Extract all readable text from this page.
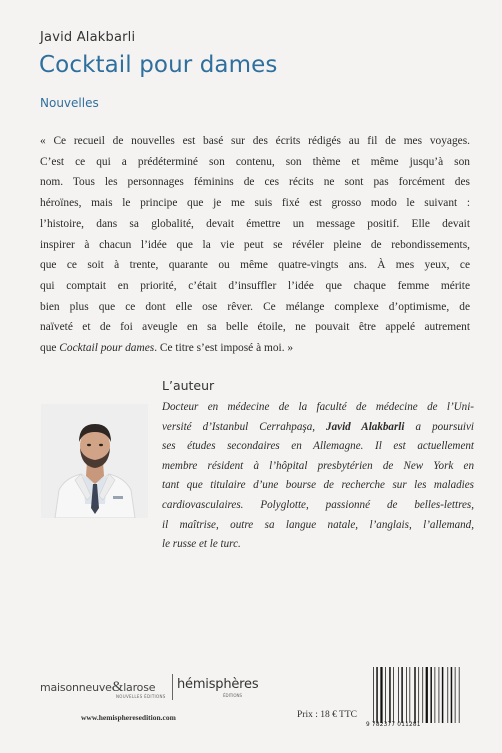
Javid Alakbarli
Cocktail pour dames
Nouvelles
« Ce recueil de nouvelles est basé sur des écrits rédigés au fil de mes voyages.
C’est ce qui a prédéterminé son contenu, son thème et même jusqu’à son
nom. Tous les personnages féminins de ces récits ne sont pas forcément des
héroïnes, mais le principe que je me suis fixé est grosso modo le suivant :
l’histoire, dans sa globalité, devait émettre un message positif. Elle devait
inspirer à chacun l’idée que la vie peut se révéler pleine de rebondissements,
que ce soit à trente, quarante ou même quatre-vingts ans. À mes yeux, ce
qui comptait en priorité, c’était d’insuffler l’idée que chaque femme mérite
bien plus que ce dont elle ose rêver. Ce mélange complexe d’optimisme, de
naïveté et de foi aveugle en sa belle étoile, ne pouvait être appelé autrement
que Cocktail pour dames. Ce titre s’est imposé à moi. »
L’auteur
Docteur en médecine de la faculté de médecine de l’Uni-
versité d’Istanbul Cerrahpaşa, Javid Alakbarli a poursuivi
ses études secondaires en Allemagne. Il est actuellement
membre résident à l’hôpital presbytérien de New York en
tant que titulaire d’une bourse de recherche sur les maladies
cardiovasculaires. Polyglotte, passionné de belles-lettres,
il maîtrise, outre sa langue natale, l’anglais, l’allemand,
le russe et le turc.
maisonneuve&larose
NOUVELLES ÉDITIONS
hémisphères
ÉDITIONS
www.hemispheresedition.com	Prix : 18 € TTC
9 782377 011281
